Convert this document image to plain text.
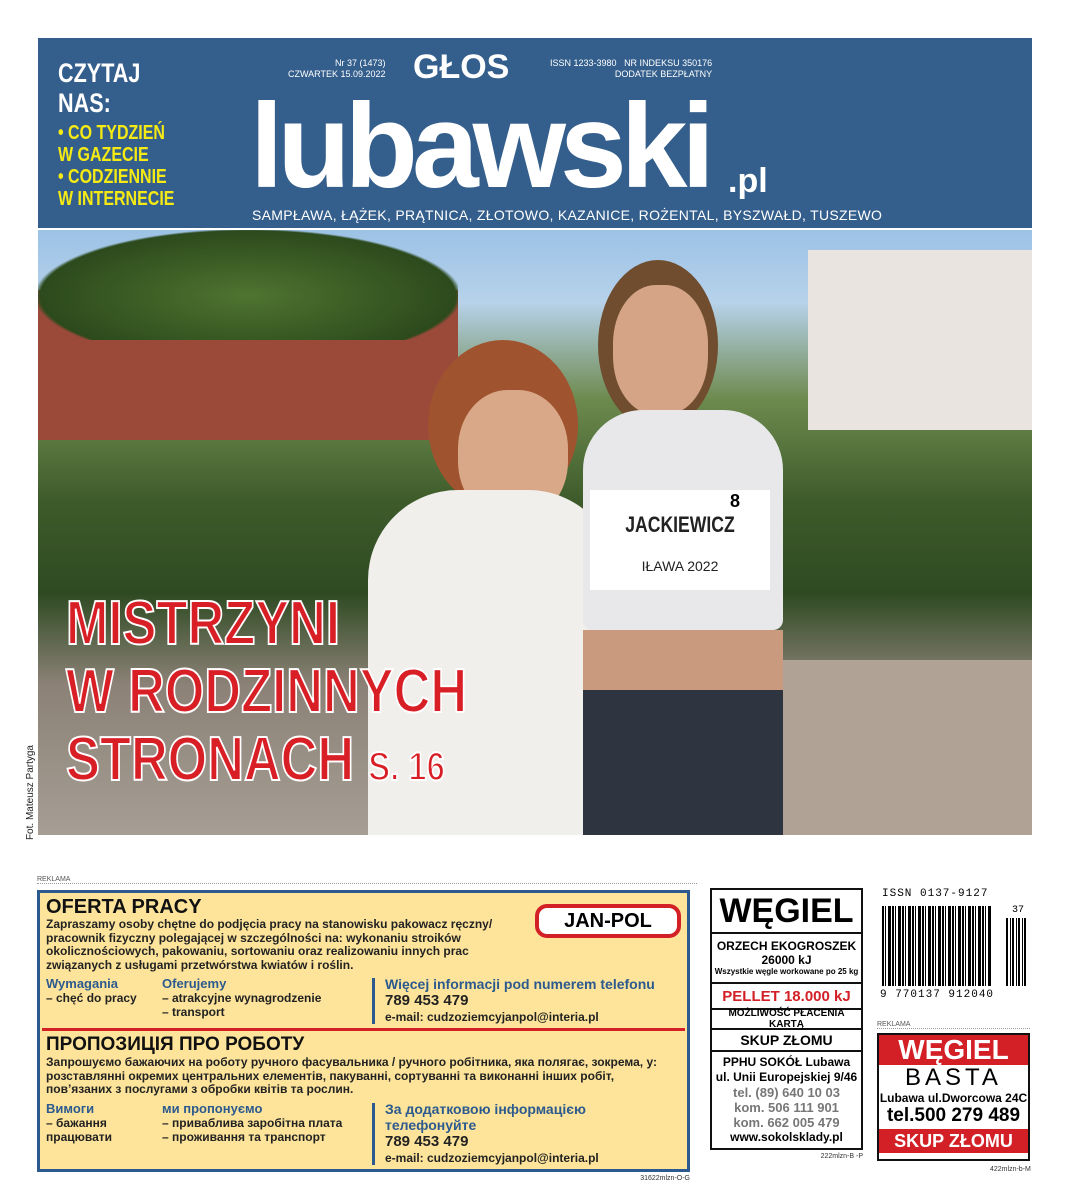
CZYTAJ NAS:
• CO TYDZIEŃ W GAZECIE
• CODZIENNIE W INTERNECIE
Nr 37 (1473)
CZWARTEK 15.09.2022 GŁOS
lubawski .pl
ISSN 1233-3980 NR INDEKSU 350176
DODATEK BEZPŁATNY
SAMPŁAWA, ŁĄŻEK, PRĄTNICA, ZŁOTOWO, KAZANICE, ROŻENTAL, BYSZWAŁD, TUSZEWO
8
JACKIEWICZ
IŁAWA 2022
MISTRZYNI
W RODZINNYCH
STRONACH S. 16
Fot. Mateusz Partyga
REKLAMA
JAN-POL
OFERTA PRACY
Zapraszamy osoby chętne do podjęcia pracy na stanowisku pakowacz ręczny/ pracownik fizyczny polegającej w szczególności na: wykonaniu stroików okolicznościowych, pakowaniu, sortowaniu oraz realizowaniu innych prac związanych z usługami przetwórstwa kwiatów i roślin.
Wymagania
– chęć do pracy
Oferujemy
– atrakcyjne wynagrodzenie
– transport
Więcej informacji pod numerem telefonu
789 453 479
e-mail: cudzoziemcyjanpol@interia.pl
ПРОПОЗИЦІЯ ПРО РОБОТУ
Запрошуємо бажаючих на роботу ручного фасувальника / ручного робітника, яка полягає, зокрема, у: розставлянні окремих центральних елементів, пакуванні, сортуванні та виконанні інших робіт, пов’язаних з послугами з обробки квітів та рослин.
Вимоги
– бажання працювати
ми пропонуємо
– приваблива заробітна плата
– проживання та транспорт
За додатковою інформацією телефонуйте
789 453 479
e-mail: cudzoziemcyjanpol@interia.pl
31622mlzn-O-G
WĘGIEL
ORZECH EKOGROSZEK
26000 kJ
Wszystkie węgle workowane po 25 kg
PELLET 18.000 kJ
MOŻLIWOŚĆ PŁACENIA KARTĄ
SKUP ZŁOMU
PPHU SOKÓŁ Lubawa
ul. Unii Europejskiej 9/46
tel. (89) 640 10 03
kom. 506 111 901
kom. 662 005 479
www.sokolsklady.pl
222mlzn-B -P
ISSN 0137-9127
37
9 770137 912040
REKLAMA
WĘGIEL
BASTA
Lubawa ul.Dworcowa 24C
tel.500 279 489
SKUP ZŁOMU
422mlzn-b-M
